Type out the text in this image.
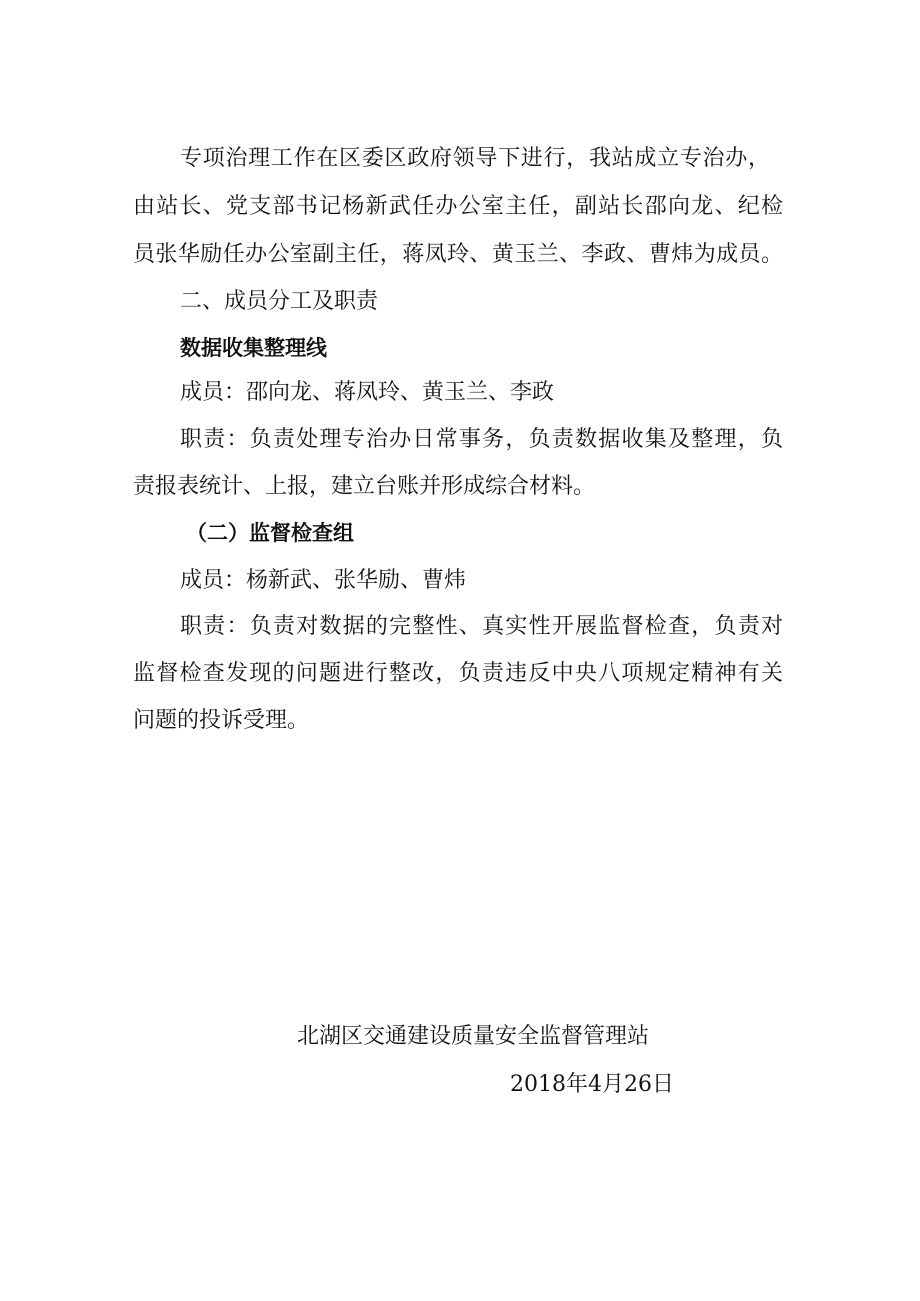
专项治理工作在区委区政府领导下进行，我站成立专治办，

由站长、党支部书记杨新武任办公室主任，副站长邵向龙、纪检

员张华励任办公室副主任，蒋凤玲、黄玉兰、李政、曹炜为成员。

二、成员分工及职责

数据收集整理线

成员：邵向龙、蒋凤玲、黄玉兰、李政

职责：负责处理专治办日常事务，负责数据收集及整理，负

责报表统计、上报，建立台账并形成综合材料。

（二）监督检查组

成员：杨新武、张华励、曹炜

职责：负责对数据的完整性、真实性开展监督检查，负责对

监督检查发现的问题进行整改，负责违反中央八项规定精神有关

问题的投诉受理。

北湖区交通建设质量安全监督管理站

2018年4月26日
